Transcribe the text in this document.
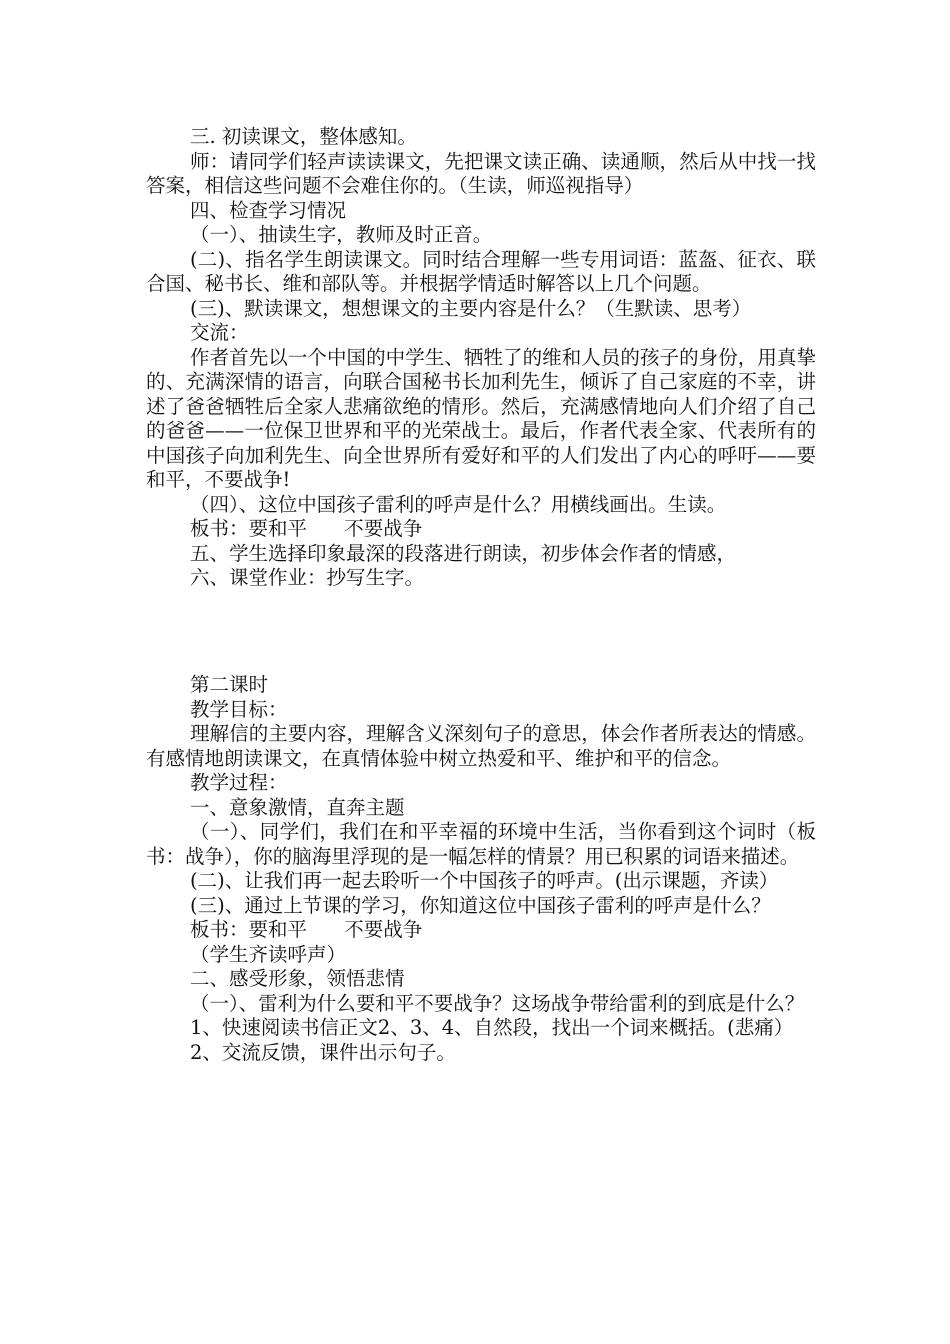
三. 初读课文，整体感知。

师：请同学们轻声读读课文，先把课文读正确、读通顺，然后从中找一找答案，相信这些问题不会难住你的。（生读，师巡视指导）

四、检查学习情况

（一）、抽读生字，教师及时正音。

(二)、指名学生朗读课文。同时结合理解一些专用词语：蓝盔、征衣、联合国、秘书长、维和部队等。并根据学情适时解答以上几个问题。

(三)、默读课文，想想课文的主要内容是什么？（生默读、思考）

交流：

作者首先以一个中国的中学生、牺牲了的维和人员的孩子的身份，用真挚的、充满深情的语言，向联合国秘书长加利先生，倾诉了自己家庭的不幸，讲述了爸爸牺牲后全家人悲痛欲绝的情形。然后，充满感情地向人们介绍了自己的爸爸——一位保卫世界和平的光荣战士。最后，作者代表全家、代表所有的中国孩子向加利先生、向全世界所有爱好和平的人们发出了内心的呼吁——要和平，不要战争!

（四）、这位中国孩子雷利的呼声是什么？用横线画出。生读。

板书：要和平      不要战争

五、学生选择印象最深的段落进行朗读，初步体会作者的情感，

六、课堂作业：抄写生字。

第二课时

教学目标：

理解信的主要内容，理解含义深刻句子的意思，体会作者所表达的情感。有感情地朗读课文，在真情体验中树立热爱和平、维护和平的信念。

教学过程：

一、意象激情，直奔主题

（一）、同学们，我们在和平幸福的环境中生活，当你看到这个词时（板书：战争），你的脑海里浮现的是一幅怎样的情景？用已积累的词语来描述。

(二)、让我们再一起去聆听一个中国孩子的呼声。(出示课题，齐读）

(三)、通过上节课的学习，你知道这位中国孩子雷利的呼声是什么？

板书：要和平      不要战争

（学生齐读呼声）

二、感受形象，领悟悲情

（一）、雷利为什么要和平不要战争？这场战争带给雷利的到底是什么？

1、快速阅读书信正文2、3、4、自然段，找出一个词来概括。(悲痛）

2、交流反馈，课件出示句子。
